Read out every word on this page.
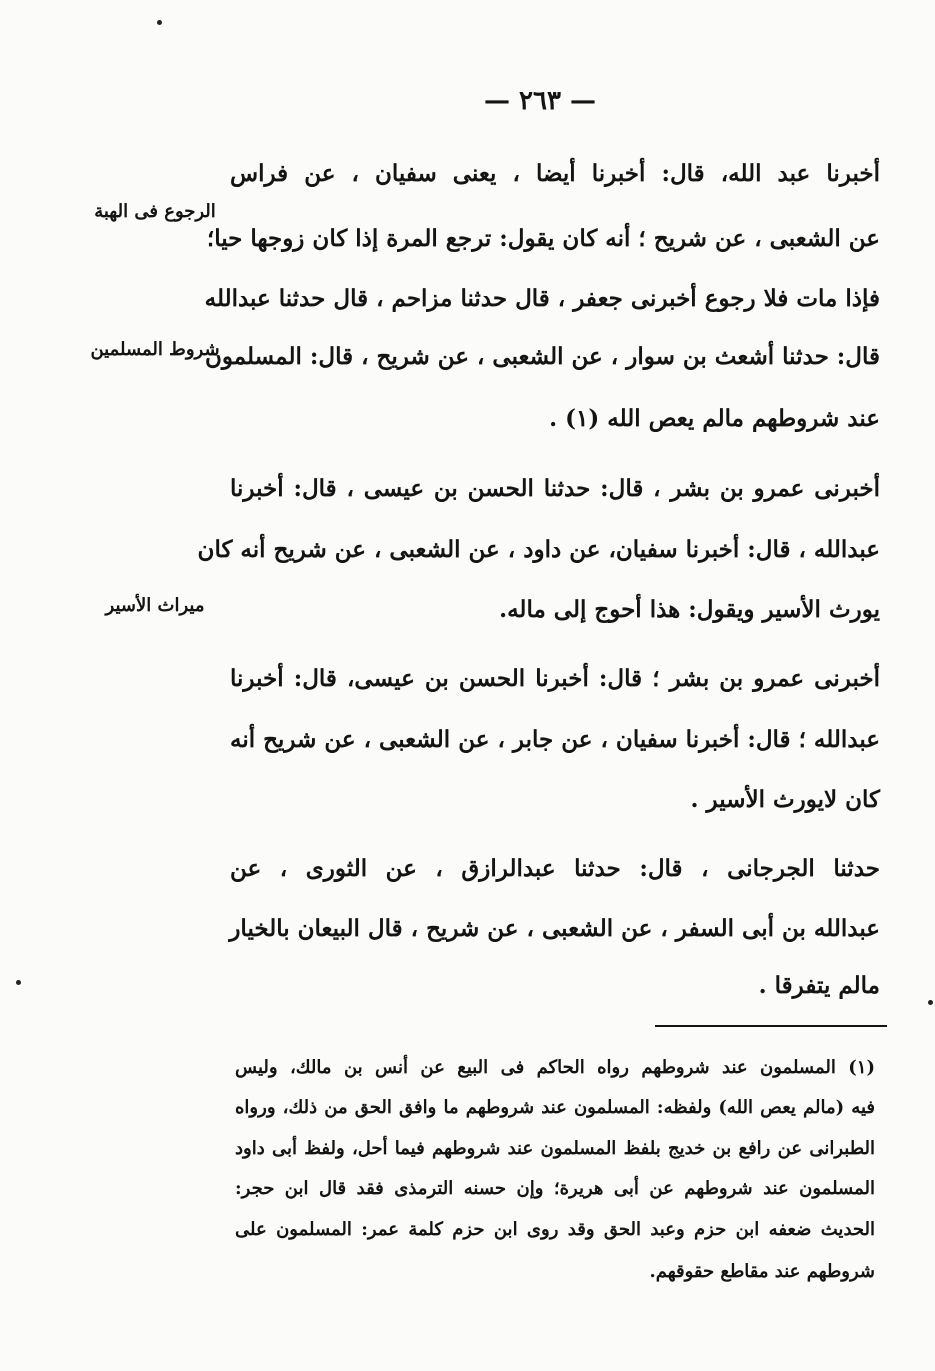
— ٢٦٣ —
الرجوع فى الهبة
شروط المسلمين
ميراث الأسير
أخبرنا عبد الله، قال: أخبرنا أيضا ، يعنى سفيان ، عن فراس
عن الشعبى ، عن شريح ؛ أنه كان يقول: ترجع المرة إذا كان زوجها حيا؛
فإذا مات فلا رجوع أخبرنى جعفر ، قال حدثنا مزاحم ، قال حدثنا عبدالله
قال: حدثنا أشعث بن سوار ، عن الشعبى ، عن شريح ، قال: المسلمون
عند شروطهم مالم يعص الله (١) .
أخبرنى عمرو بن بشر ، قال: حدثنا الحسن بن عيسى ، قال: أخبرنا
عبدالله ، قال: أخبرنا سفيان، عن داود ، عن الشعبى ، عن شريح أنه كان
يورث الأسير ويقول: هذا أحوج إلى ماله.
أخبرنى عمرو بن بشر ؛ قال: أخبرنا الحسن بن عيسى، قال: أخبرنا
عبدالله ؛ قال: أخبرنا سفيان ، عن جابر ، عن الشعبى ، عن شريح أنه
كان لايورث الأسير .
حدثنا الجرجانى ، قال: حدثنا عبدالرازق ، عن الثورى ، عن
عبدالله بن أبى السفر ، عن الشعبى ، عن شريح ، قال البيعان بالخيار
مالم يتفرقا .
(١) المسلمون عند شروطهم رواه الحاكم فى البيع عن أنس بن مالك، وليس
فيه (مالم يعص الله) ولفظه: المسلمون عند شروطهم ما وافق الحق من ذلك، ورواه
الطبرانى عن رافع بن خديج بلفظ المسلمون عند شروطهم فيما أحل، ولفظ أبى داود
المسلمون عند شروطهم عن أبى هريرة؛ وإن حسنه الترمذى فقد قال ابن حجر:
الحديث ضعفه ابن حزم وعبد الحق وقد روى ابن حزم كلمة عمر: المسلمون على
شروطهم عند مقاطع حقوقهم.
